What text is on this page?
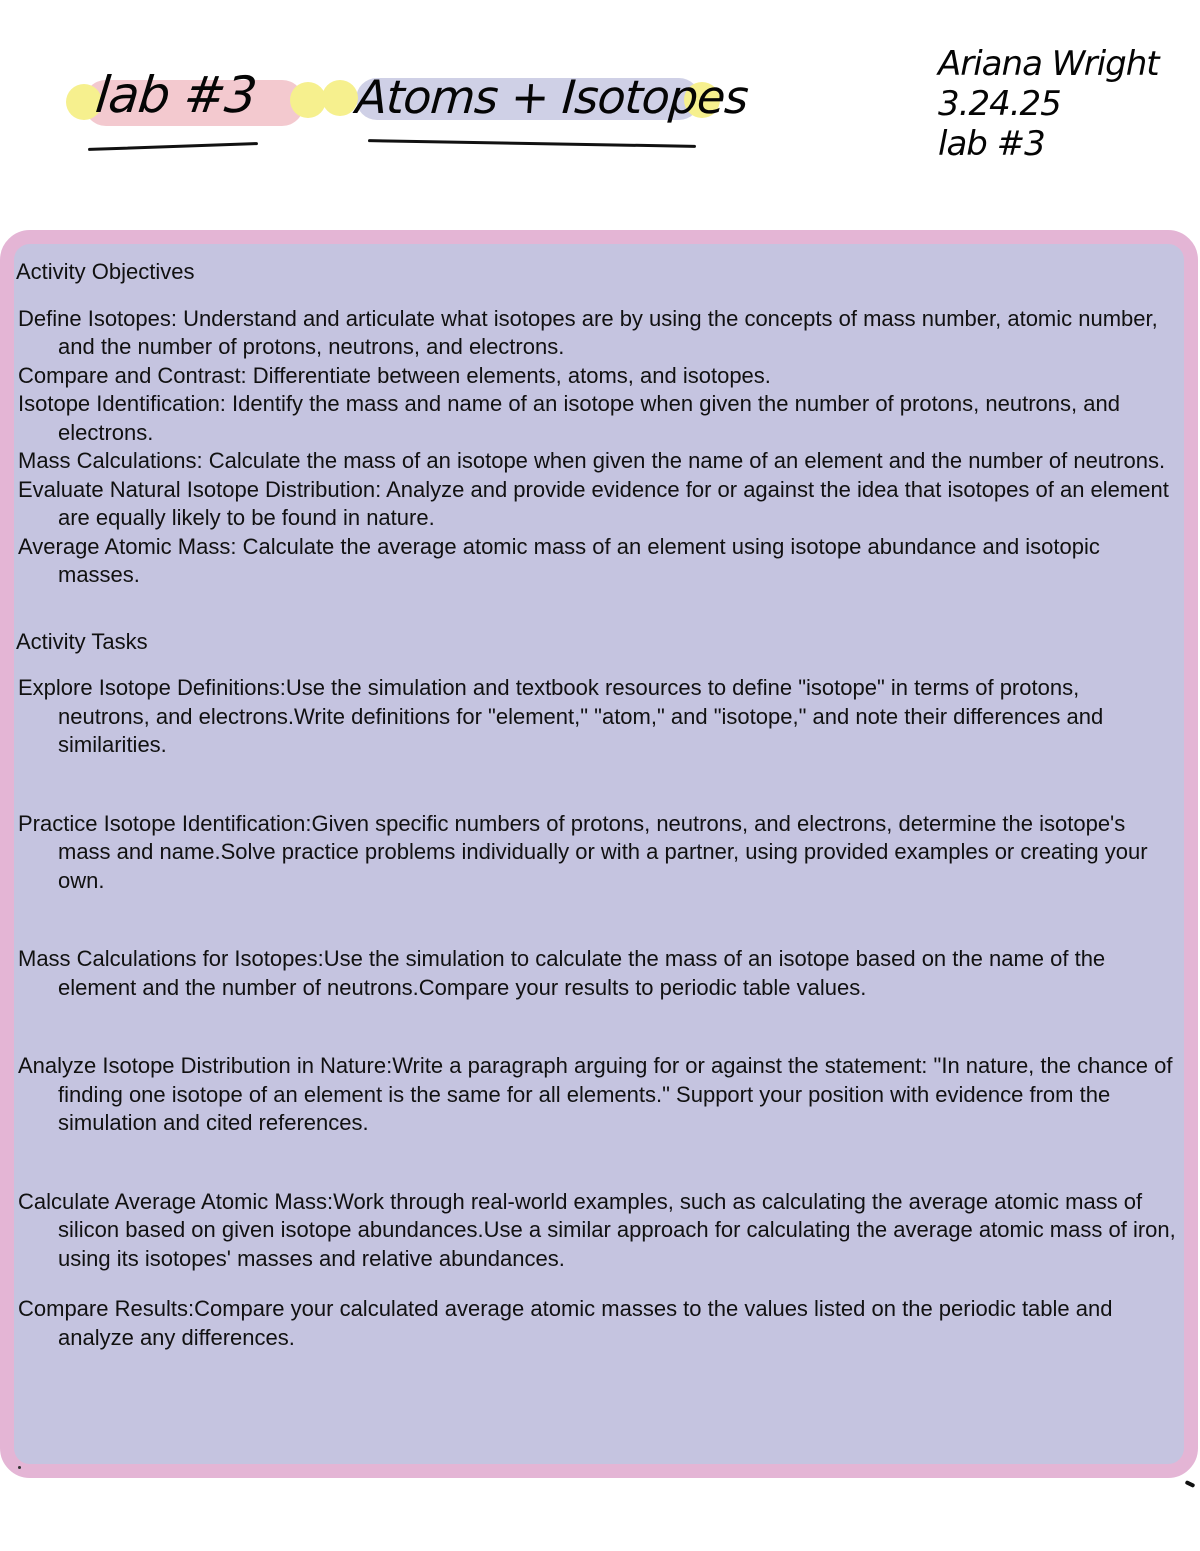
lab #3 Atoms + Isotopes
Ariana Wright
3.24.25
lab #3
Activity Objectives
Define Isotopes: Understand and articulate what isotopes are by using the concepts of mass number, atomic number, and the number of protons, neutrons, and electrons.
Compare and Contrast: Differentiate between elements, atoms, and isotopes.
Isotope Identification: Identify the mass and name of an isotope when given the number of protons, neutrons, and electrons.
Mass Calculations: Calculate the mass of an isotope when given the name of an element and the number of neutrons.
Evaluate Natural Isotope Distribution: Analyze and provide evidence for or against the idea that isotopes of an element are equally likely to be found in nature.
Average Atomic Mass: Calculate the average atomic mass of an element using isotope abundance and isotopic masses.
Activity Tasks
Explore Isotope Definitions:Use the simulation and textbook resources to define "isotope" in terms of protons, neutrons, and electrons.Write definitions for "element," "atom," and "isotope," and note their differences and similarities.
Practice Isotope Identification:Given specific numbers of protons, neutrons, and electrons, determine the isotope's mass and name.Solve practice problems individually or with a partner, using provided examples or creating your own.
Mass Calculations for Isotopes:Use the simulation to calculate the mass of an isotope based on the name of the element and the number of neutrons.Compare your results to periodic table values.
Analyze Isotope Distribution in Nature:Write a paragraph arguing for or against the statement: "In nature, the chance of finding one isotope of an element is the same for all elements." Support your position with evidence from the simulation and cited references.
Calculate Average Atomic Mass:Work through real-world examples, such as calculating the average atomic mass of silicon based on given isotope abundances.Use a similar approach for calculating the average atomic mass of iron, using its isotopes' masses and relative abundances.
Compare Results:Compare your calculated average atomic masses to the values listed on the periodic table and analyze any differences.
